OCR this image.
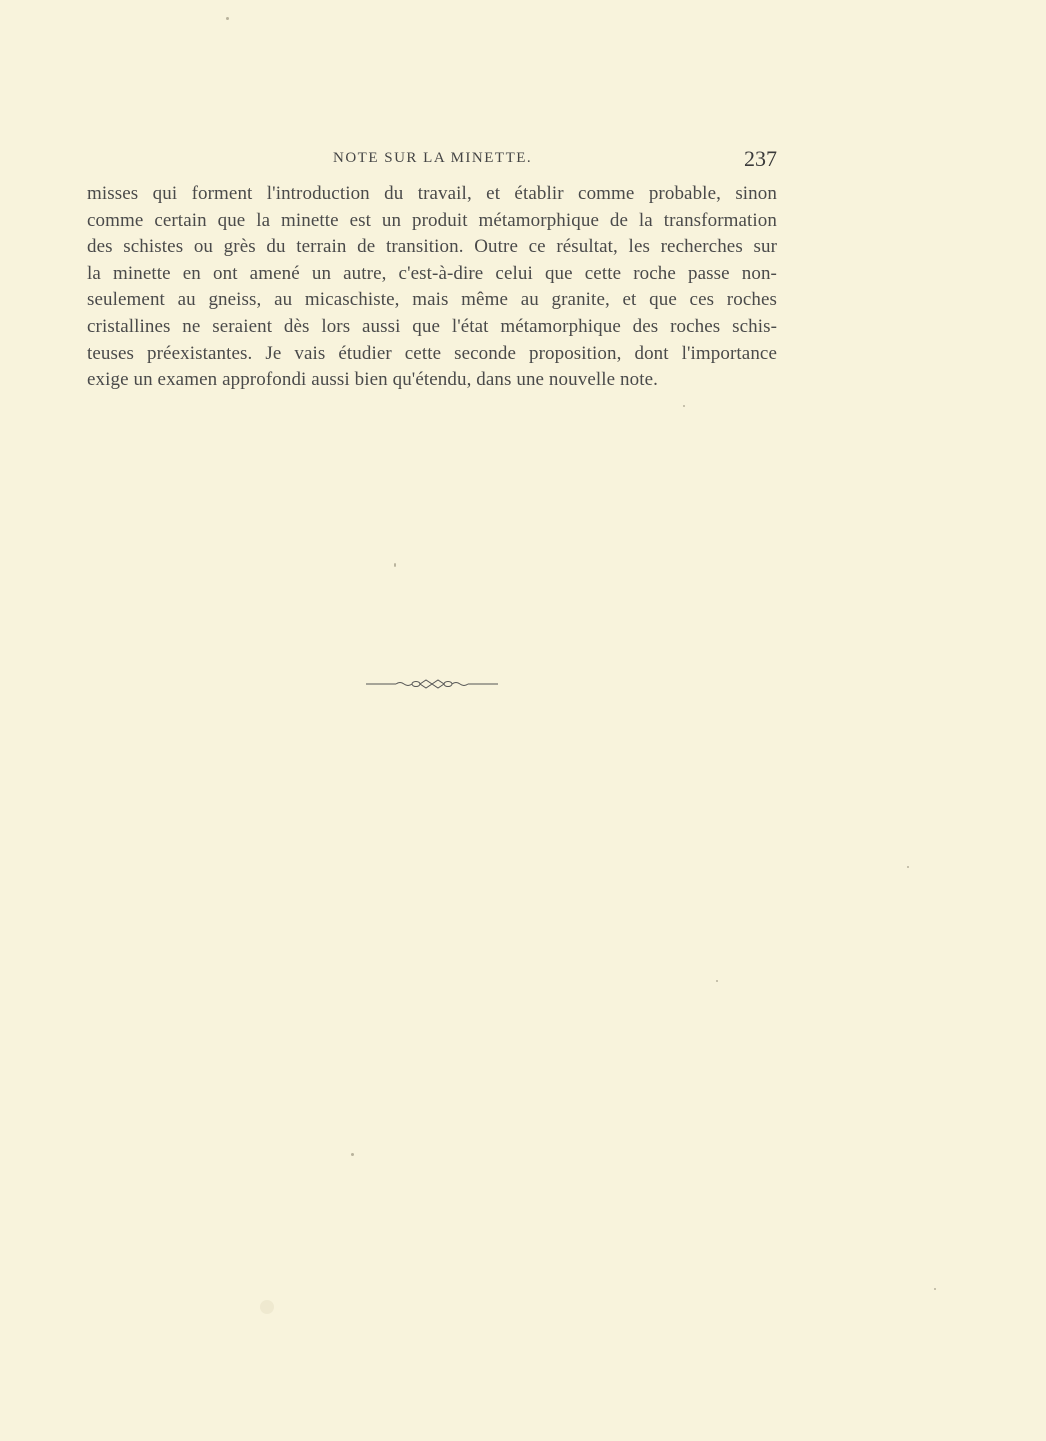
NOTE SUR LA MINETTE.	237
misses qui forment l'introduction du travail, et établir comme probable, sinon
comme certain que la minette est un produit métamorphique de la transformation
des schistes ou grès du terrain de transition. Outre ce résultat, les recherches sur
la minette en ont amené un autre, c'est-à-dire celui que cette roche passe non-
seulement au gneiss, au micaschiste, mais même au granite, et que ces roches
cristallines ne seraient dès lors aussi que l'état métamorphique des roches schis-
teuses préexistantes. Je vais étudier cette seconde proposition, dont l'importance
exige un examen approfondi aussi bien qu'étendu, dans une nouvelle note.
